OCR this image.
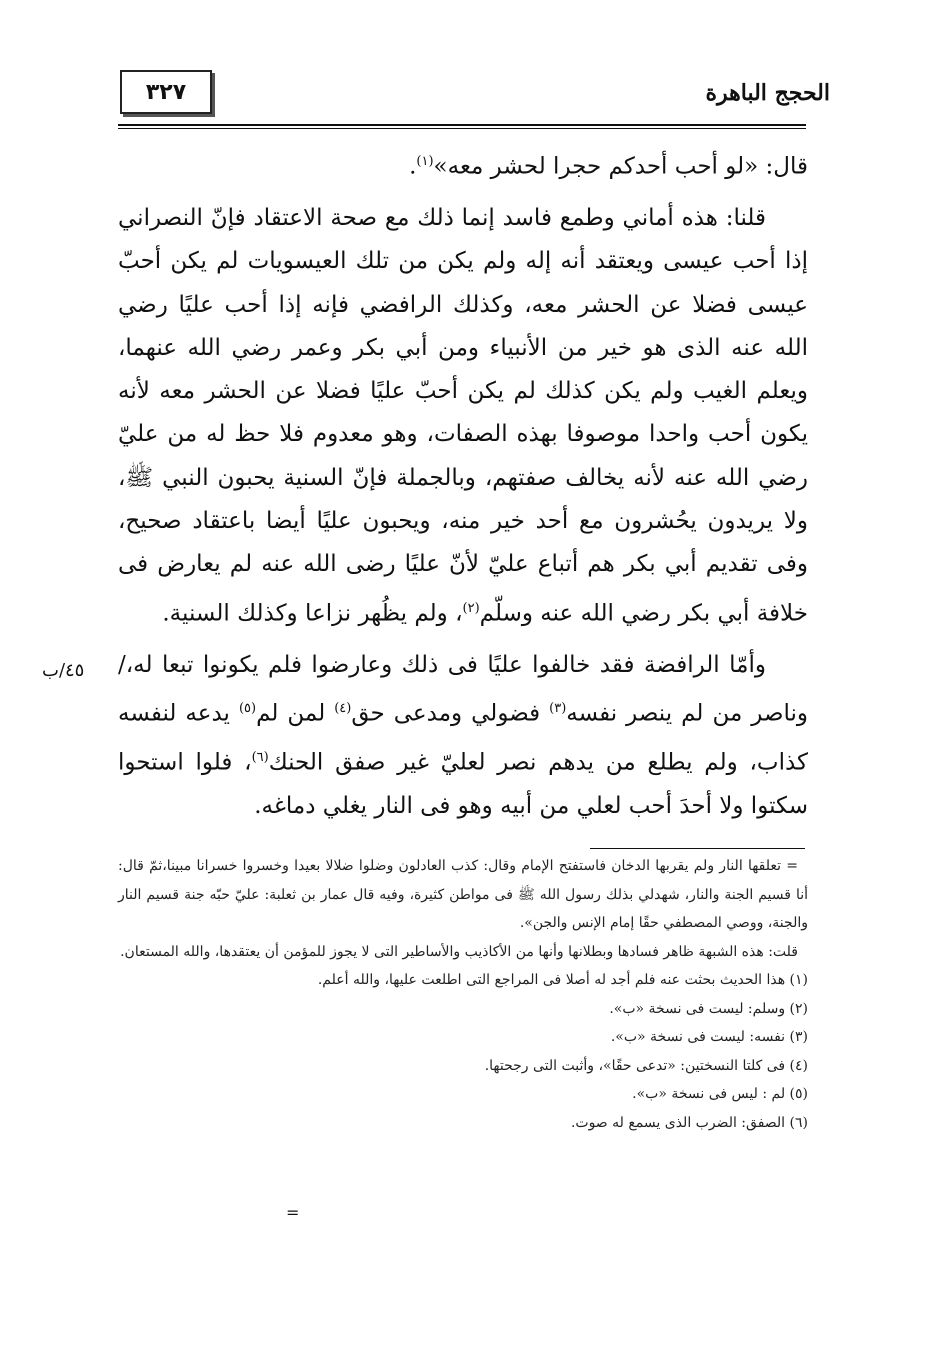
٣٢٧	الحجج الباهرة

قال: «لو أحب أحدكم حجرا لحشر معه»$^{(١)}$.

قلنا: هذه أماني وطمع فاسد إنما ذلك مع صحة الاعتقاد فإنّ النصراني إذا أحب عيسى ويعتقد أنه إله ولم يكن من تلك العيسويات لم يكن أحبّ عيسى فضلا عن الحشر معه، وكذلك الرافضي فإنه إذا أحب عليًا رضي الله عنه الذى هو خير من الأنبياء ومن أبي بكر وعمر رضي الله عنهما، ويعلم الغيب ولم يكن كذلك لم يكن أحبّ عليًا فضلا عن الحشر معه لأنه يكون أحب واحدا موصوفا بهذه الصفات، وهو معدوم فلا حظ له من عليّ رضي الله عنه لأنه يخالف صفتهم، وبالجملة فإنّ السنية يحبون النبي ﷺ، ولا يريدون يحُشرون مع أحد خير منه، ويحبون عليًا أيضا باعتقاد صحيح، وفى تقديم أبي بكر هم أتباع عليّ لأنّ عليًا رضى الله عنه لم يعارض فى خلافة أبي بكر رضي الله عنه وسلّم$^{(٢)}$، ولم يظُهر نزاعا وكذلك السنية.

وأمّا الرافضة فقد خالفوا عليًا فى ذلك وعارضوا فلم يكونوا تبعا له،/ وناصر من لم ينصر نفسه$^{(٣)}$ فضولي ومدعى حق$^{(٤)}$ لمن لم$^{(٥)}$ يدعه لنفسه كذاب، ولم يطلع من يدهم نصر لعليّ غير صفق الحنك$^{(٦)}$، فلوا استحوا سكتوا ولا أحدَ أحب لعلي من أبيه وهو فى النار يغلي دماغه.

٤٥/ب

= تعلقها النار ولم يقربها الدخان فاستفتح الإمام وقال: كذب العادلون وضلوا ضلالا بعيدا وخسروا خسرانا مبينا،ثمّ قال: أنا قسيم الجنة والنار، شهدلي بذلك رسول الله ﷺ فى مواطن كثيرة، وفيه قال عمار بن ثعلبة: عليّ حبّه جنة قسيم النار والجنة، ووصي المصطفي حقًا إمام الإنس والجن».

قلت: هذه الشبهة ظاهر فسادها وبطلانها وأنها من الأكاذيب والأساطير التى لا يجوز للمؤمن أن يعتقدها، والله المستعان.

(١) هذا الحديث بحثت عنه فلم أجد له أصلا فى المراجع التى اطلعت عليها، والله أعلم.

(٢) وسلم: ليست فى نسخة «ب».

(٣) نفسه: ليست فى نسخة «ب».

(٤) فى كلتا النسختين: «تدعى حقًا»، وأثبت التى رجحتها.

(٥) لم : ليس فى نسخة «ب».

(٦) الصفق: الضرب الذى يسمع له صوت.

=
